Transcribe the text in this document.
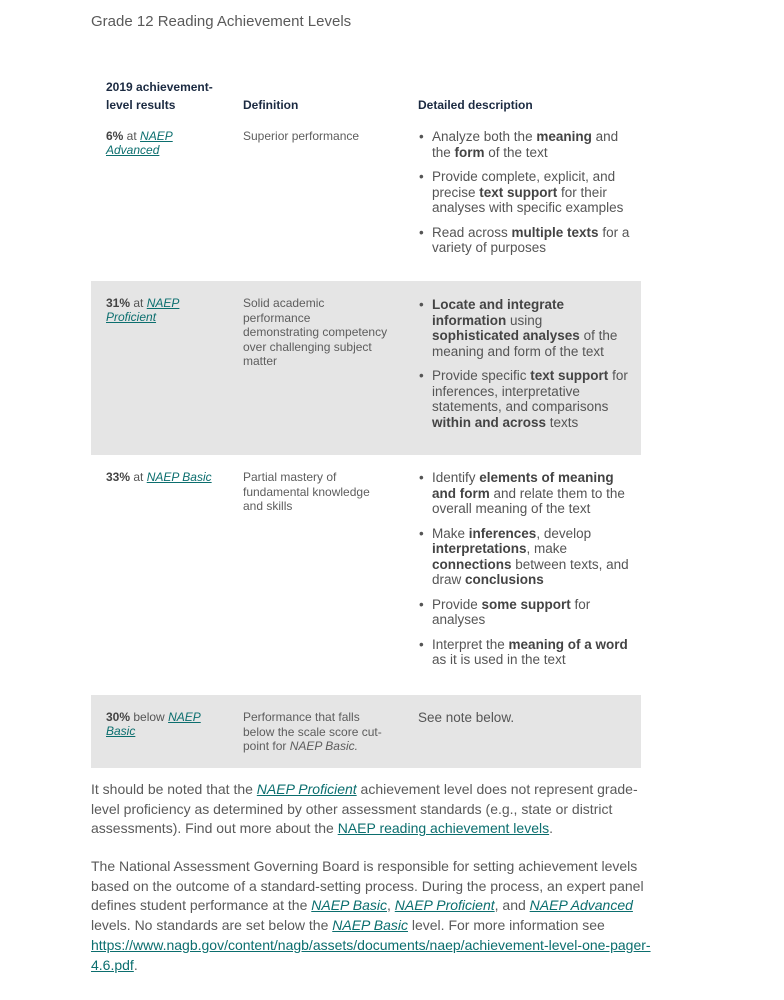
Grade 12 Reading Achievement Levels
2019 achievement-level results	Definition	Detailed description
6% at NAEP Advanced
Superior performance
•	Analyze both the meaning and the form of the text
• Provide complete, explicit, and precise text support for their analyses with specific examples
• Read across multiple texts for a variety of purposes
31% at NAEP Proficient
Solid academic performance demonstrating competency over challenging subject matter
• Locate and integrate information using sophisticated analyses of the meaning and form of the text
• Provide specific text support for inferences, interpretative statements, and comparisons within and across texts
33% at NAEP Basic	Partial mastery of fundamental knowledge and skills
• Identify elements of meaning and form and relate them to the overall meaning of the text
• Make inferences, develop interpretations, make connections between texts, and draw conclusions
• Provide some support for analyses
• Interpret the meaning of a word as it is used in the text
30% below NAEP Basic
Performance that falls below the scale score cut-point for NAEP Basic.
See note below.

It should be noted that the NAEP Proficient achievement level does not represent grade-level proficiency as determined by other assessment standards (e.g., state or district assessments). Find out more about the NAEP reading achievement levels.

The National Assessment Governing Board is responsible for setting achievement levels based on the outcome of a standard-setting process. During the process, an expert panel defines student performance at the NAEP Basic, NAEP Proficient, and NAEP Advanced levels. No standards are set below the NAEP Basic level. For more information see https://www.nagb.gov/content/nagb/assets/documents/naep/achievement-level-one-pager-4.6.pdf.
